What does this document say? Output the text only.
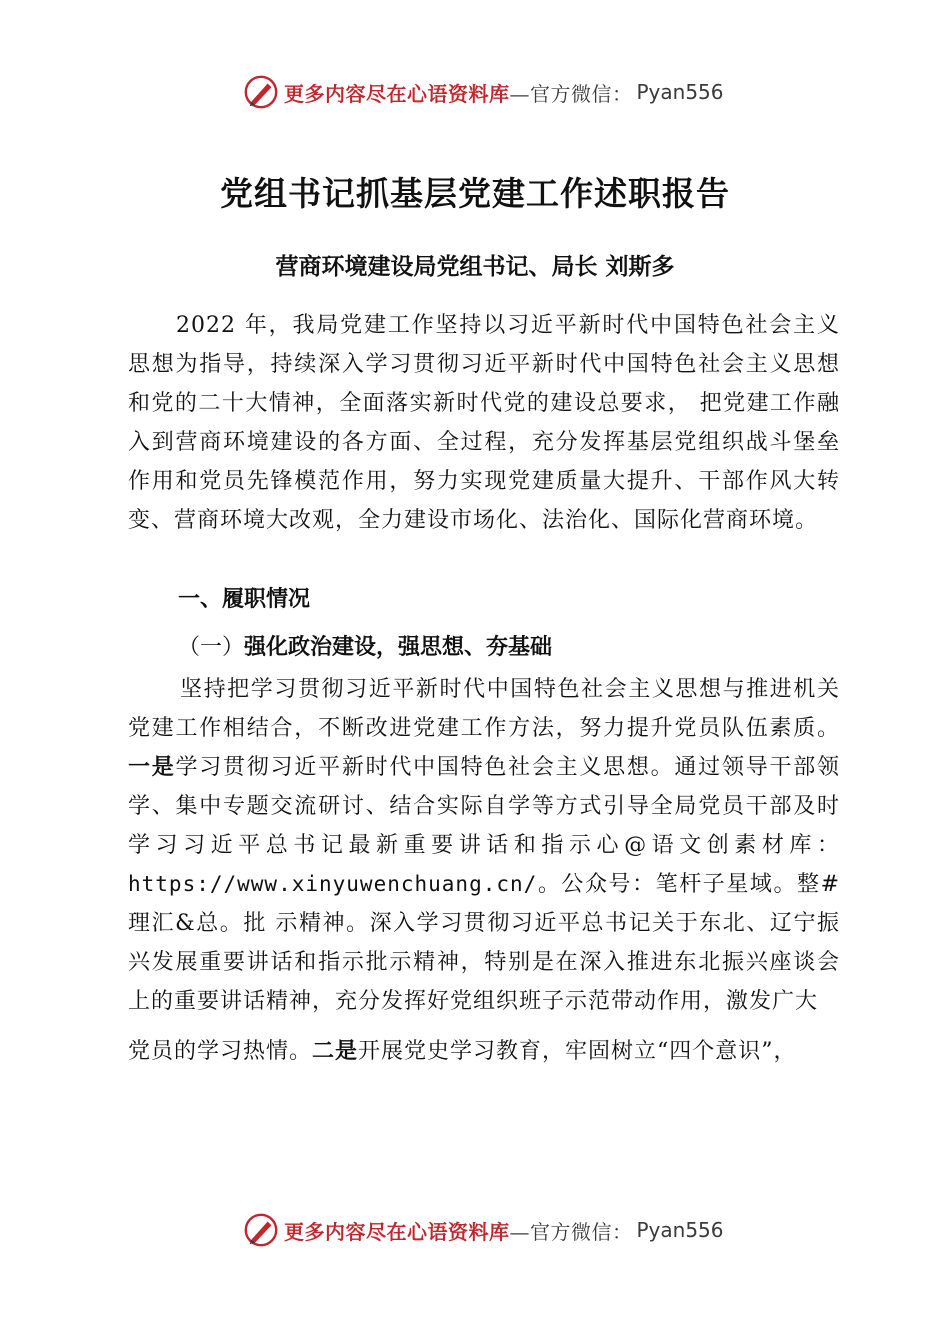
更多内容尽在心语资料库 —官方微信： Pyan556
党组书记抓基层党建工作述职报告
营商环境建设局党组书记、局长 刘斯多
2022 年，我局党建工作坚持以习近平新时代中国特色社会主义思想为指导，持续深入学习贯彻习近平新时代中国特色社会主义思想和党的二十大情神，全面落实新时代党的建设总要求， 把党建工作融入到营商环境建设的各方面、全过程，充分发挥基层党组织战斗堡垒作用和党员先锋模范作用，努力实现党建质量大提升、干部作风大转变、营商环境大改观，全力建设市场化、法治化、国际化营商环境。
一、履职情况
（一）强化政治建设，强思想、夯基础
坚持把学习贯彻习近平新时代中国特色社会主义思想与推进机关党建工作相结合，不断改进党建工作方法，努力提升党员队伍素质。一是学习贯彻习近平新时代中国特色社会主义思想。通过领导干部领学、集中专题交流研讨、结合实际自学等方式引导全局党员干部及时学习习近平总书记最新重要讲话和指示心@语文创素材库：https://www.xinyuwenchuang.cn/。公众号：笔杆子星域。整#理汇&总。批 示精神。深入学习贯彻习近平总书记关于东北、辽宁振兴发展重要讲话和指示批示精神，特别是在深入推进东北振兴座谈会上的重要讲话精神，充分发挥好党组织班子示范带动作用，激发广大
党员的学习热情。二是开展党史学习教育，牢固树立“四个意识”，
更多内容尽在心语资料库 —官方微信： Pyan556
